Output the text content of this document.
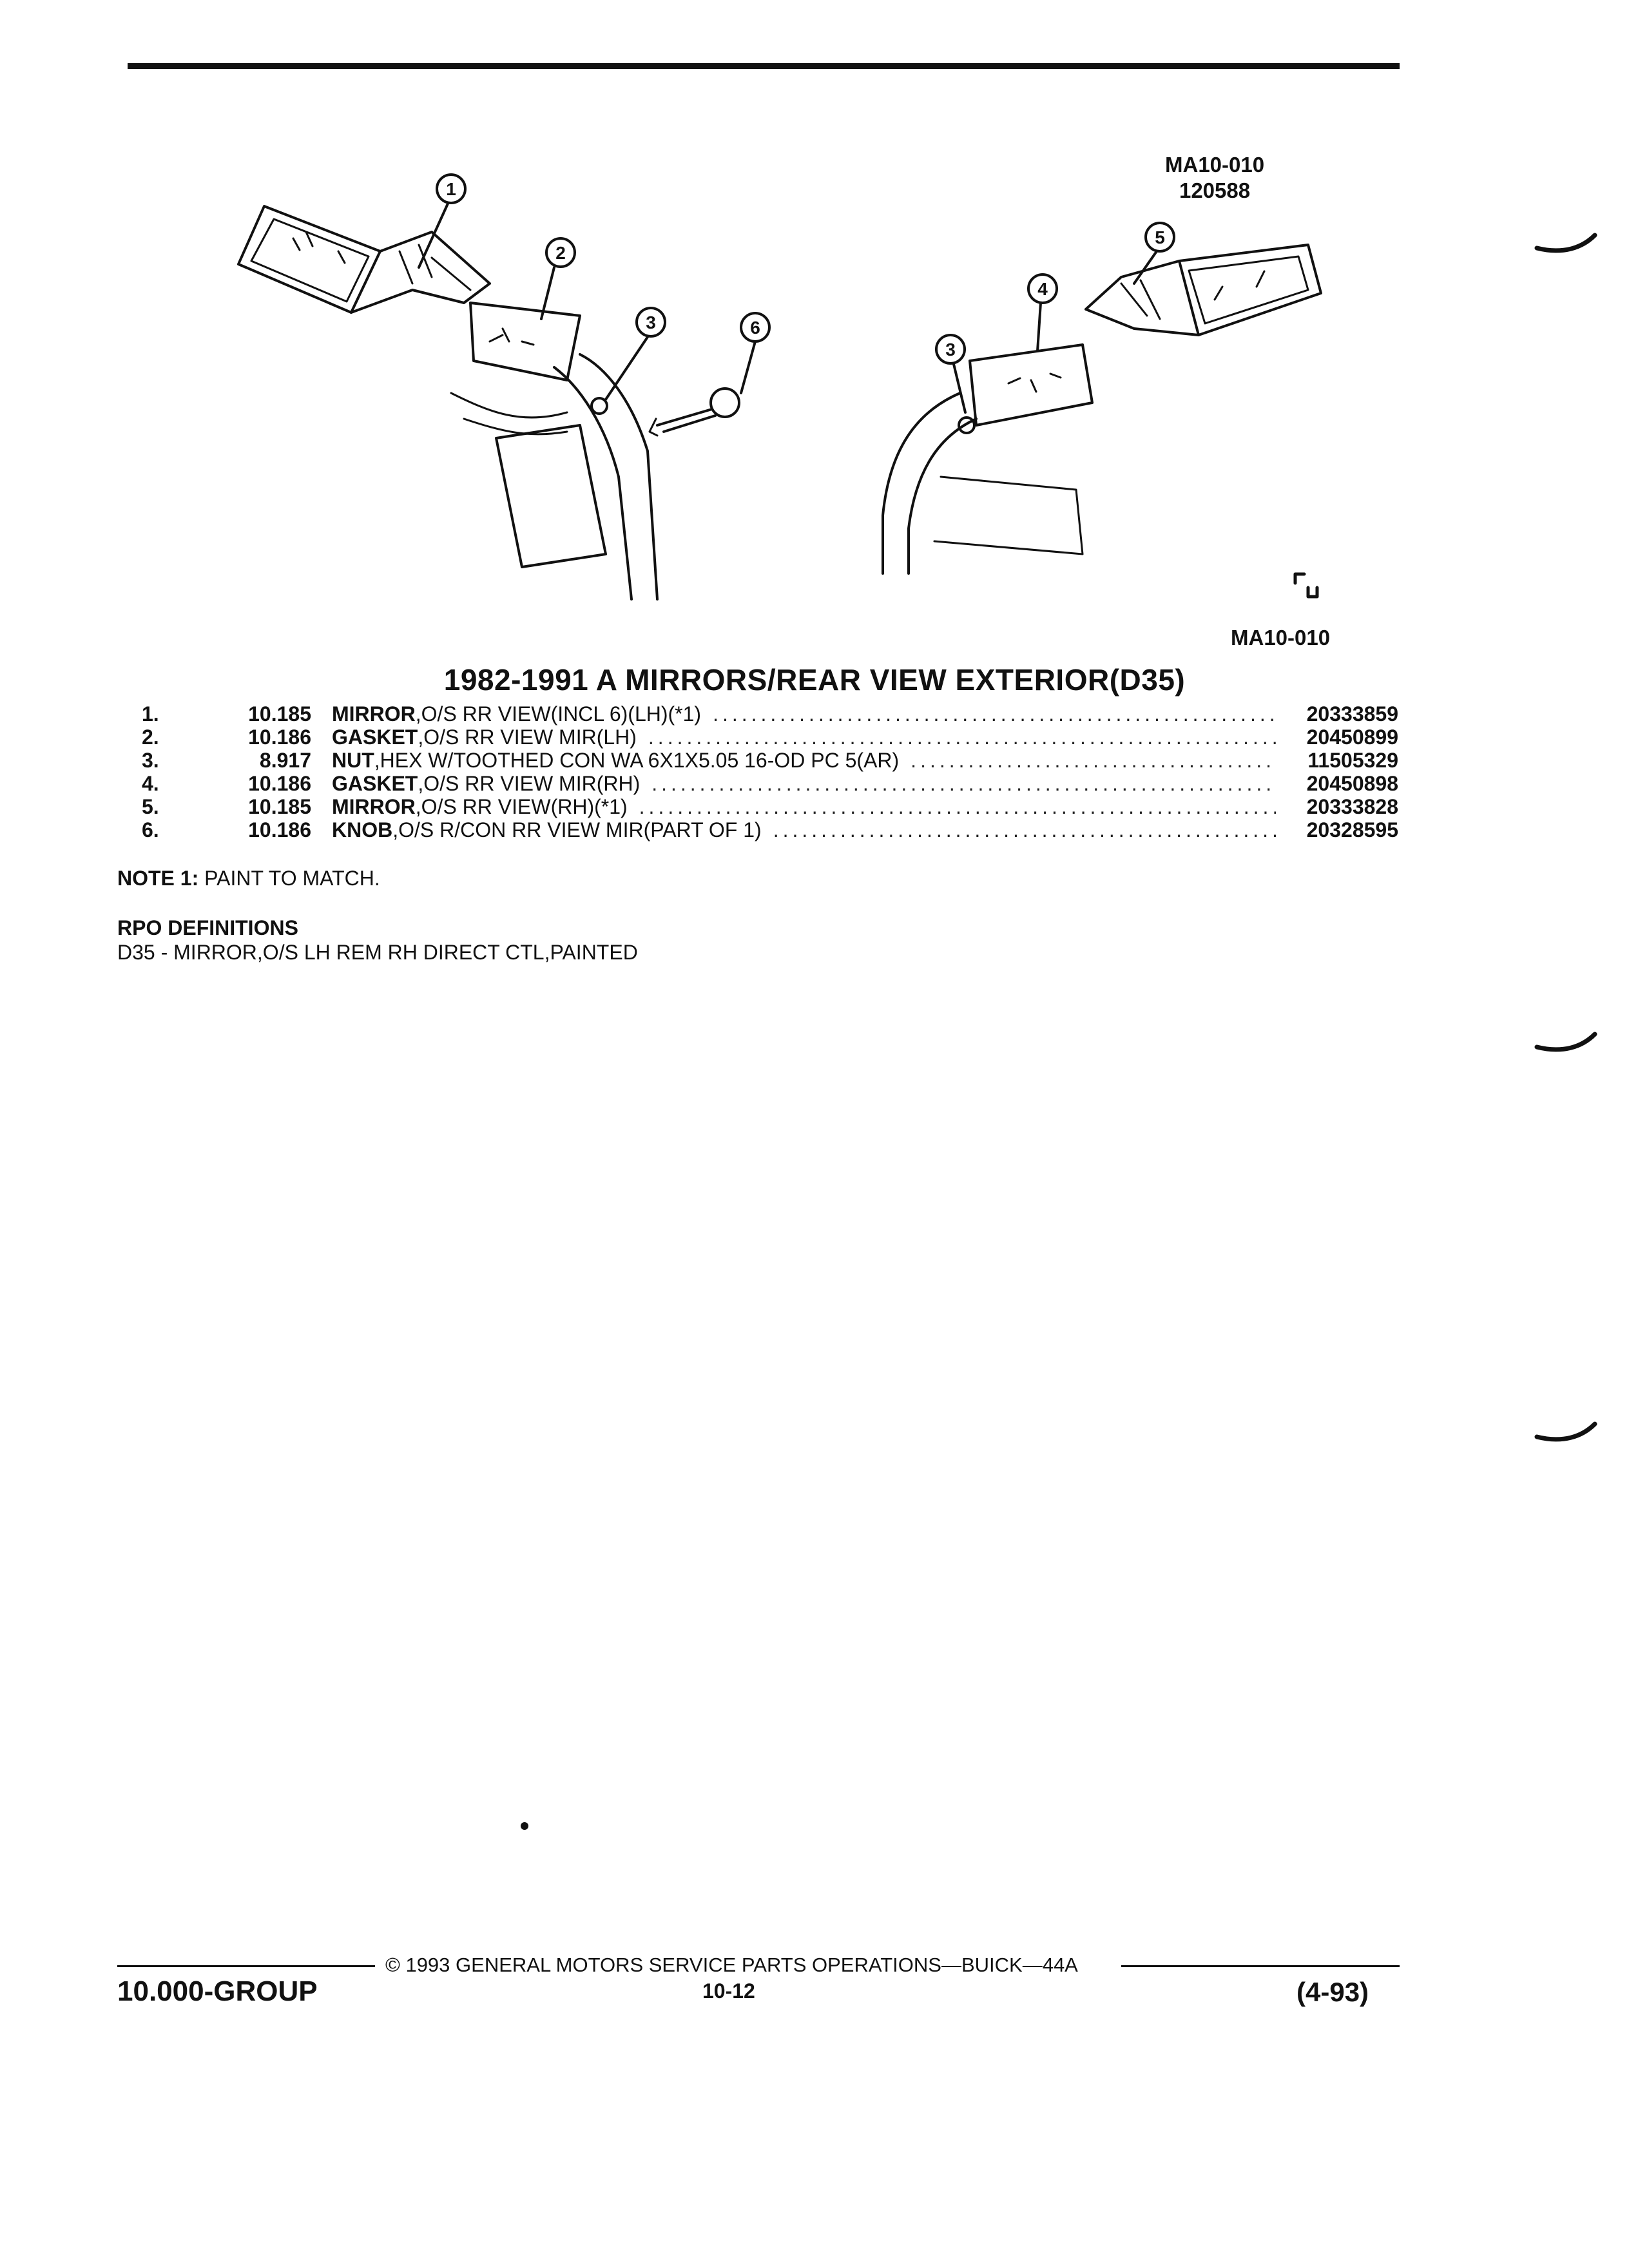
MA10-010
120588
1
2
3	6
3
4
5
MA10-010
1982-1991 A MIRRORS/REAR VIEW EXTERIOR(D35)
1.	10.185	MIRROR ,O/S RR VIEW(INCL 6)(LH)(*1) .....	20333859
2.	10.186	GASKET ,O/S RR VIEW MIR(LH) .....	20450899
3.	8.917	NUT ,HEX W/TOOTHED CON WA 6X1X5.05 16-OD PC 5(AR) .....	11505329
4.	10.186	GASKET ,O/S RR VIEW MIR(RH) .....	20450898
5.	10.185	MIRROR ,O/S RR VIEW(RH)(*1) .....	20333828
6.	10.186	KNOB ,O/S R/CON RR VIEW MIR(PART OF 1) .....	20328595
NOTE 1: PAINT TO MATCH.
RPO DEFINITIONS
D35 - MIRROR,O/S LH REM RH DIRECT CTL,PAINTED
© 1993 GENERAL MOTORS SERVICE PARTS OPERATIONS—BUICK—44A
10.000-GROUP	10-12	(4-93)
